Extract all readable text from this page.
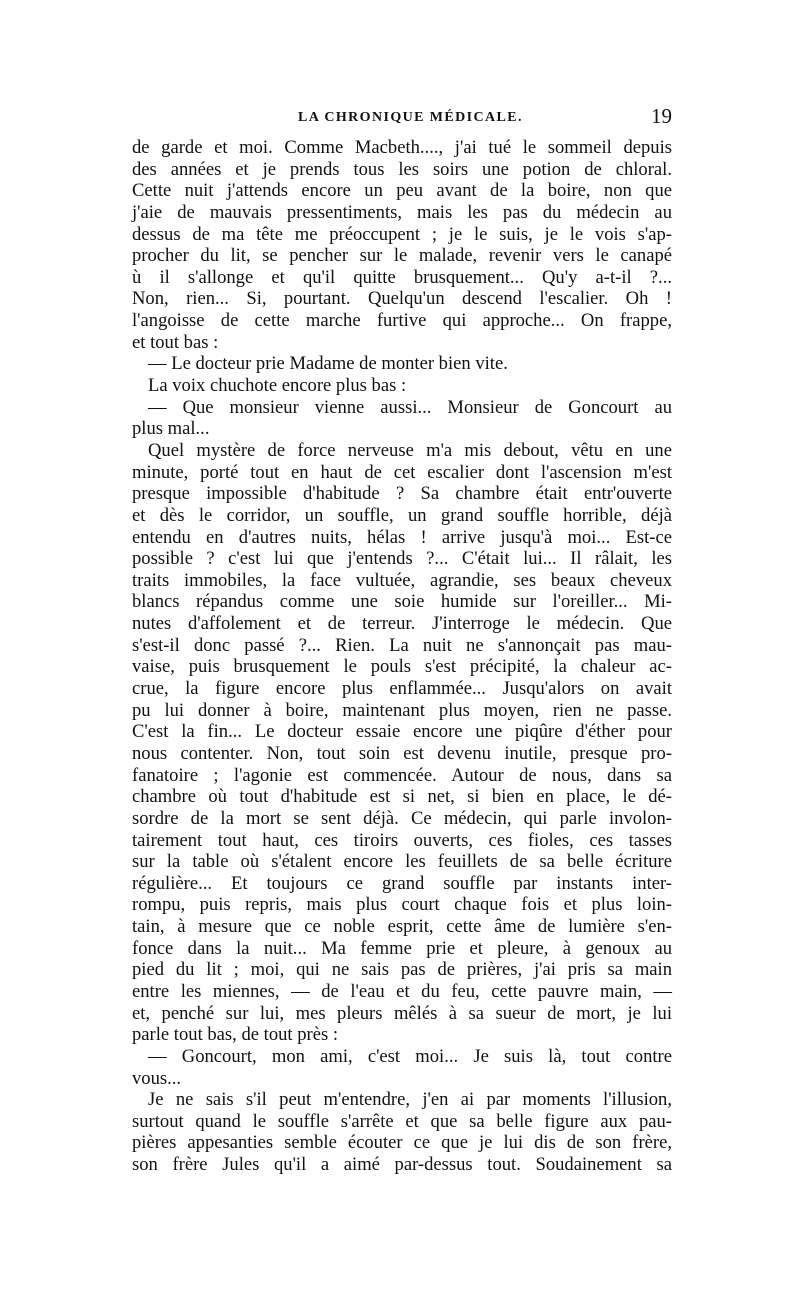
LA CHRONIQUE MÉDICALE.	19
de garde et moi. Comme Macbeth...., j'ai tué le sommeil depuis
des années et je prends tous les soirs une potion de chloral.
Cette nuit j'attends encore un peu avant de la boire, non que
j'aie de mauvais pressentiments, mais les pas du médecin au
dessus de ma tête me préoccupent ; je le suis, je le vois s'ap-
procher du lit, se pencher sur le malade, revenir vers le canapé
ù il s'allonge et qu'il quitte brusquement... Qu'y a-t-il ?...
Non, rien... Si, pourtant. Quelqu'un descend l'escalier. Oh !
l'angoisse de cette marche furtive qui approche... On frappe,
et tout bas :
— Le docteur prie Madame de monter bien vite.
La voix chuchote encore plus bas :
— Que monsieur vienne aussi... Monsieur de Goncourt au
plus mal...
Quel mystère de force nerveuse m'a mis debout, vêtu en une
minute, porté tout en haut de cet escalier dont l'ascension m'est
presque impossible d'habitude ? Sa chambre était entr'ouverte
et dès le corridor, un souffle, un grand souffle horrible, déjà
entendu en d'autres nuits, hélas ! arrive jusqu'à moi... Est-ce
possible ? c'est lui que j'entends ?... C'était lui... Il râlait, les
traits immobiles, la face vultuée, agrandie, ses beaux cheveux
blancs répandus comme une soie humide sur l'oreiller... Mi-
nutes d'affolement et de terreur. J'interroge le médecin. Que
s'est-il donc passé ?... Rien. La nuit ne s'annonçait pas mau-
vaise, puis brusquement le pouls s'est précipité, la chaleur ac-
crue, la figure encore plus enflammée... Jusqu'alors on avait
pu lui donner à boire, maintenant plus moyen, rien ne passe.
C'est la fin... Le docteur essaie encore une piqûre d'éther pour
nous contenter. Non, tout soin est devenu inutile, presque pro-
fanatoire ; l'agonie est commencée. Autour de nous, dans sa
chambre où tout d'habitude est si net, si bien en place, le dé-
sordre de la mort se sent déjà. Ce médecin, qui parle involon-
tairement tout haut, ces tiroirs ouverts, ces fioles, ces tasses
sur la table où s'étalent encore les feuillets de sa belle écriture
régulière... Et toujours ce grand souffle par instants inter-
rompu, puis repris, mais plus court chaque fois et plus loin-
tain, à mesure que ce noble esprit, cette âme de lumière s'en-
fonce dans la nuit... Ma femme prie et pleure, à genoux au
pied du lit ; moi, qui ne sais pas de prières, j'ai pris sa main
entre les miennes, — de l'eau et du feu, cette pauvre main, —
et, penché sur lui, mes pleurs mêlés à sa sueur de mort, je lui
parle tout bas, de tout près :
— Goncourt, mon ami, c'est moi... Je suis là, tout contre
vous...
Je ne sais s'il peut m'entendre, j'en ai par moments l'illusion,
surtout quand le souffle s'arrête et que sa belle figure aux pau-
pières appesanties semble écouter ce que je lui dis de son frère,
son frère Jules qu'il a aimé par-dessus tout. Soudainement sa
